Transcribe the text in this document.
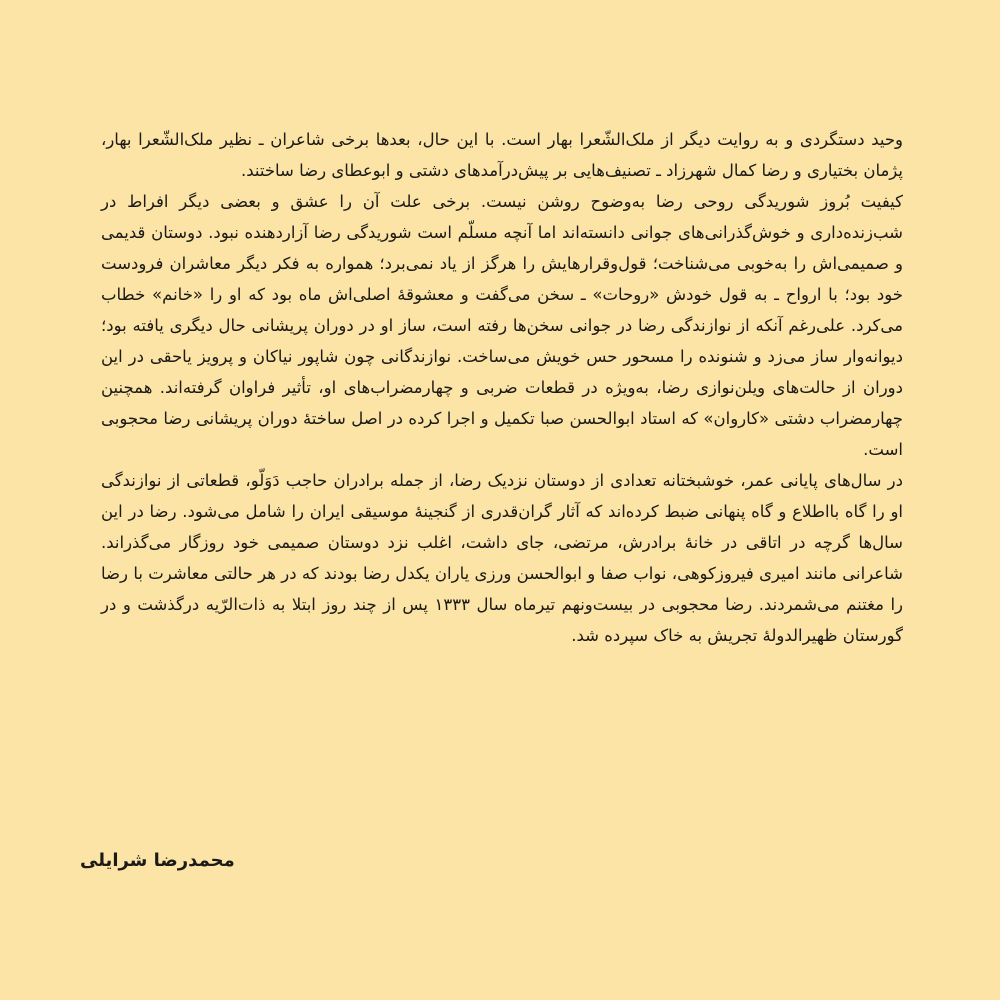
وحید دستگردی و به روایت دیگر از ملک‌الشّعرا بهار است. با این حال، بعدها برخی شاعران ـ نظیر ملک‌الشّعرا بهار، پژمان بختیاری و رضا کمال شهرزاد ـ تصنیف‌هایی بر پیش‌درآمدهای دشتی و ابوعطای رضا ساختند.

کیفیت بُروز شوریدگی روحی رضا به‌وضوح روشن نیست. برخی علت آن را عشق و بعضی دیگر افراط در شب‌زنده‌داری و خوش‌گذرانی‌های جوانی دانسته‌اند اما آنچه مسلّم است شوریدگی رضا آزاردهنده نبود. دوستان قدیمی و صمیمی‌اش را به‌خوبی می‌شناخت؛ قول‌وقرارهایش را هرگز از یاد نمی‌برد؛ همواره به فکر دیگر معاشران فرودست خود بود؛ با ارواح ـ به قول خودش «روحات» ـ سخن می‌گفت و معشوقهٔ اصلی‌اش ماه بود که او را «خانم» خطاب می‌کرد. علی‌رغم آنکه از نوازندگی رضا در جوانی سخن‌ها رفته است، ساز او در دوران پریشانی حال دیگری یافته بود؛ دیوانه‌وار ساز می‌زد و شنونده را مسحور حس خویش می‌ساخت. نوازندگانی چون شاپور نیاکان و پرویز یاحقی در این دوران از حالت‌های ویلن‌نوازی رضا، به‌ویژه در قطعات ضربی و چهارمضراب‌های او، تأثیر فراوان گرفته‌اند. همچنین چهارمضراب دشتی «کاروان» که استاد ابوالحسن صبا تکمیل و اجرا کرده در اصل ساختهٔ دوران پریشانی رضا محجوبی است.

در سال‌های پایانی عمر، خوشبختانه تعدادی از دوستان نزدیک رضا، از جمله برادران حاجب دَوَلّو، قطعاتی از نوازندگی او را گاه بااطلاع و گاه پنهانی ضبط کرده‌اند که آثار گران‌قدری از گنجینهٔ موسیقی ایران را شامل می‌شود. رضا در این سال‌ها گرچه در اتاقی در خانهٔ برادرش، مرتضی، جای داشت، اغلب نزد دوستان صمیمی خود روزگار می‌گذراند. شاعرانی مانند امیری فیروزکوهی، نواب صفا و ابوالحسن ورزی یاران یکدل رضا بودند که در هر حالتی معاشرت با رضا را مغتنم می‌شمردند. رضا محجوبی در بیست‌ونهم تیرماه سال ۱۳۳۳ پس از چند روز ابتلا به ذات‌الرّیه درگذشت و در گورستان ظهیرالدولهٔ تجریش به خاک سپرده شد.

محمدرضا شرایلی
